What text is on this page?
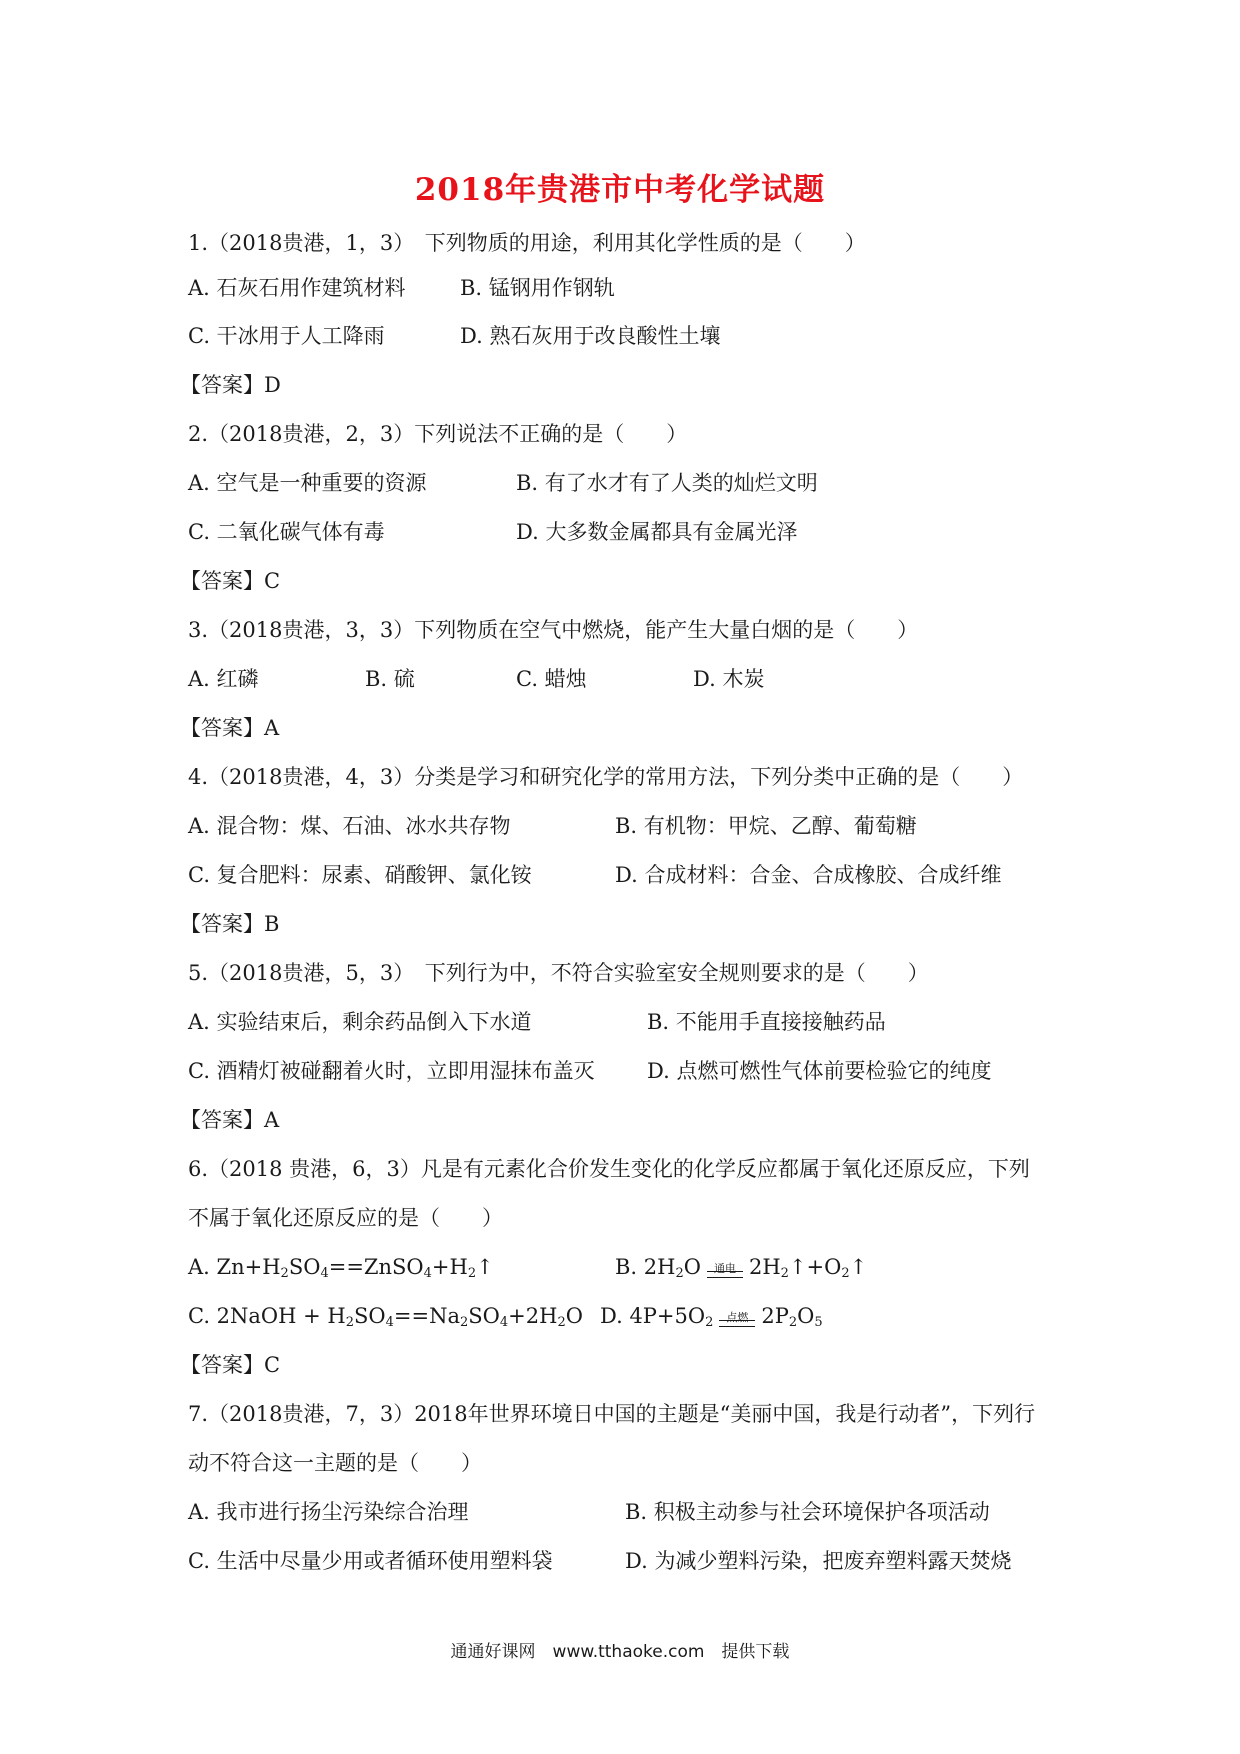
2018年贵港市中考化学试题
1.（2018贵港，1，3）　下列物质的用途，利用其化学性质的是（　　）
A. 石灰石用作建筑材料	B. 锰钢用作钢轨
C. 干冰用于人工降雨	D. 熟石灰用于改良酸性土壤
【答案】D
2.（2018贵港，2，3）下列说法不正确的是（　　）
A. 空气是一种重要的资源	B. 有了水才有了人类的灿烂文明
C. 二氧化碳气体有毒	D. 大多数金属都具有金属光泽
【答案】C
3.（2018贵港，3，3）下列物质在空气中燃烧，能产生大量白烟的是（　　）
A. 红磷	B. 硫	C. 蜡烛	D. 木炭
【答案】A
4.（2018贵港，4，3）分类是学习和研究化学的常用方法，下列分类中正确的是（　　）
A. 混合物：煤、石油、冰水共存物	B. 有机物：甲烷、乙醇、葡萄糖
C. 复合肥料：尿素、硝酸钾、氯化铵	D. 合成材料：合金、合成橡胶、合成纤维
【答案】B
5.（2018贵港，5，3）　下列行为中，不符合实验室安全规则要求的是（　　）
A. 实验结束后，剩余药品倒入下水道	B. 不能用手直接接触药品
C. 酒精灯被碰翻着火时，立即用湿抹布盖灭 D. 点燃可燃性气体前要检验它的纯度
【答案】A
6.（2018 贵港，6，3）凡是有元素化合价发生变化的化学反应都属于氧化还原反应，下列
不属于氧化还原反应的是（　　）
A. $Zn+H_2SO_4==ZnSO_4+H_2↑$	B. $2H_2O$	通电 $2H_2↑+O_2↑$
C. 2NaOH + $H_2SO_4==Na_2SO_4+2H_2O$ D. $4P+5O_2$	点燃 $2P_2O_5$
【答案】C
7.（2018贵港，7，3）2018年世界环境日中国的主题是“美丽中国，我是行动者”，下列行
动不符合这一主题的是（　　）
A. 我市进行扬尘污染综合治理	B. 积极主动参与社会环境保护各项活动
C. 生活中尽量少用或者循环使用塑料袋	D. 为减少塑料污染，把废弃塑料露天焚烧
通通好课网　www.tthaoke.com　提供下载
